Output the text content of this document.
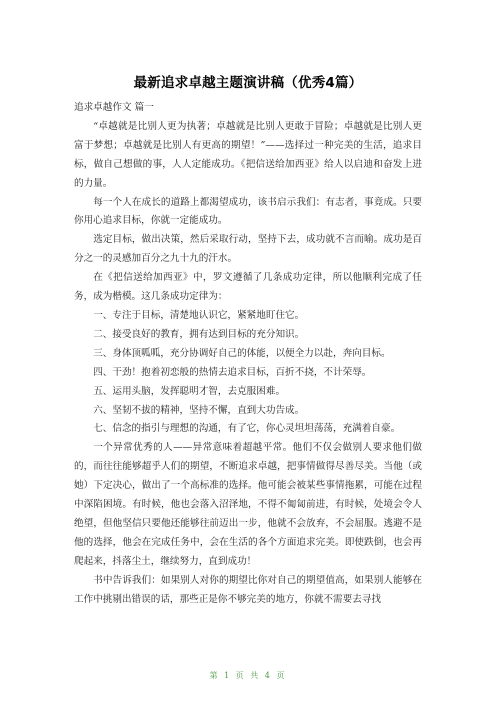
最新追求卓越主题演讲稿（优秀4篇）

追求卓越作文 篇一

“卓越就是比别人更为执著；卓越就是比别人更敢于冒险；卓越就是比别人更富于梦想；卓越就是比别人有更高的期望！”——选择过一种完美的生活，追求目标，做自己想做的事，人人定能成功。《把信送给加西亚》给人以启迪和奋发上进的力量。

每一个人在成长的道路上都渴望成功，该书启示我们：有志者，事竟成。只要你用心追求目标，你就一定能成功。

选定目标，做出决策，然后采取行动，坚持下去，成功就不言而喻。成功是百分之一的灵感加百分之九十九的汗水。

在《把信送给加西亚》中，罗文遵循了几条成功定律，所以他顺利完成了任务，成为楷模。这几条成功定律为：

一、专注于目标，清楚地认识它，紧紧地盯住它。

二、接受良好的教育，拥有达到目标的充分知识。

三、身体顶呱呱，充分协调好自己的体能，以便全力以赴，奔向目标。

四、干劲！抱着初恋般的热情去追求目标，百折不挠，不计荣辱。

五、运用头脑，发挥聪明才智，去克服困难。

六、坚韧不拔的精神，坚持不懈，直到大功告成。

七、信念的指引与理想的沟通，有了它，你心灵坦坦荡荡，充满着自豪。

一个异常优秀的人——异常意味着超越平常。他们不仅会做别人要求他们做的，而往往能够超乎人们的期望，不断追求卓越，把事情做得尽善尽美。当他（或她）下定决心，做出了一个高标准的选择。他可能会被某些事情拖累，可能在过程中深陷困境。有时候，他也会落入沼泽地，不得不匍匐前进，有时候，处境会令人绝望，但他坚信只要他还能够往前迈出一步，他就不会放弃，不会屈服。逃避不是他的选择，他会在完成任务中，会在生活的各个方面追求完美。即使跌倒，也会再爬起来，抖落尘土，继续努力，直到成功！

书中告诉我们：如果别人对你的期望比你对自己的期望值高，如果别人能够在工作中挑剔出错误的话，那些正是你不够完美的地方，你就不需要去寻找

第 1 页 共 4 页
